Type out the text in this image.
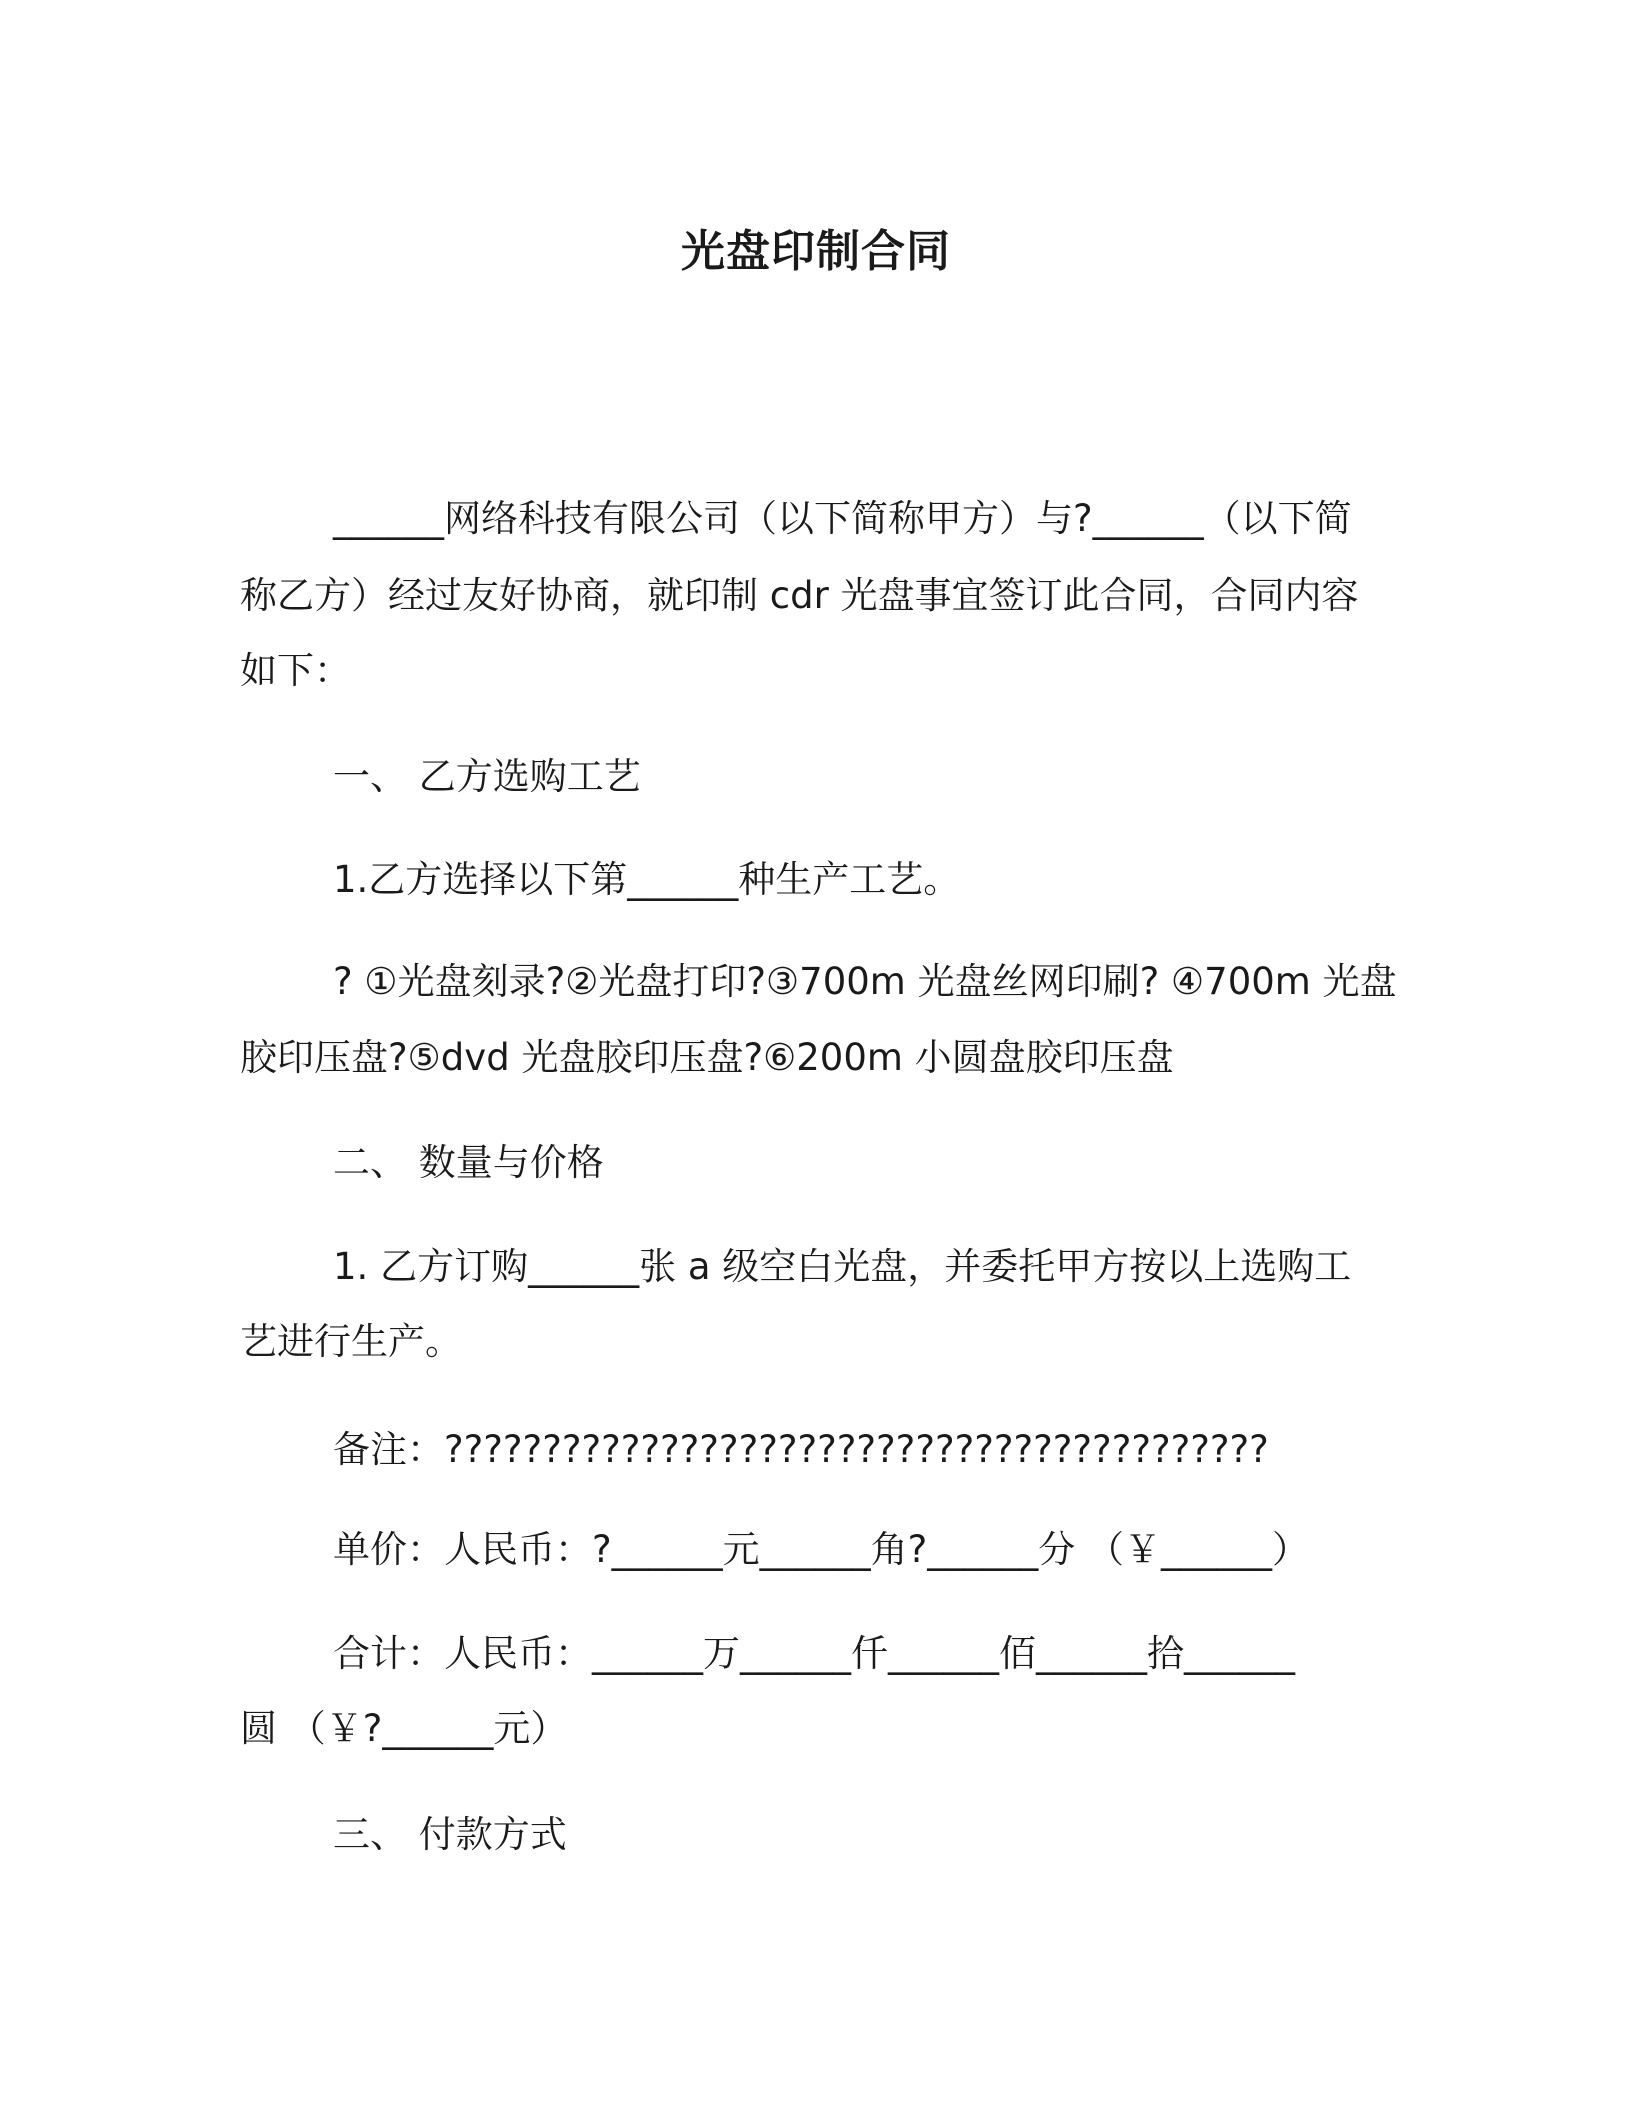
光盘印制合同
______网络科技有限公司（以下简称甲方）与?______（以下简
称乙方）经过友好协商，就印制 cdr 光盘事宜签订此合同，合同内容
如下：
一、 乙方选购工艺
1.乙方选择以下第______种生产工艺。
? ①光盘刻录?②光盘打印?③700m 光盘丝网印刷? ④700m 光盘
胶印压盘?⑤dvd 光盘胶印压盘?⑥200m 小圆盘胶印压盘
二、 数量与价格
1. 乙方订购______张 a 级空白光盘，并委托甲方按以上选购工
艺进行生产。
备注：??????????????????????????????????????????
单价：人民币：?______元______角?______分 （￥______）
合计：人民币：______万______仟______佰______拾______
圆 （￥?______元）
三、 付款方式
